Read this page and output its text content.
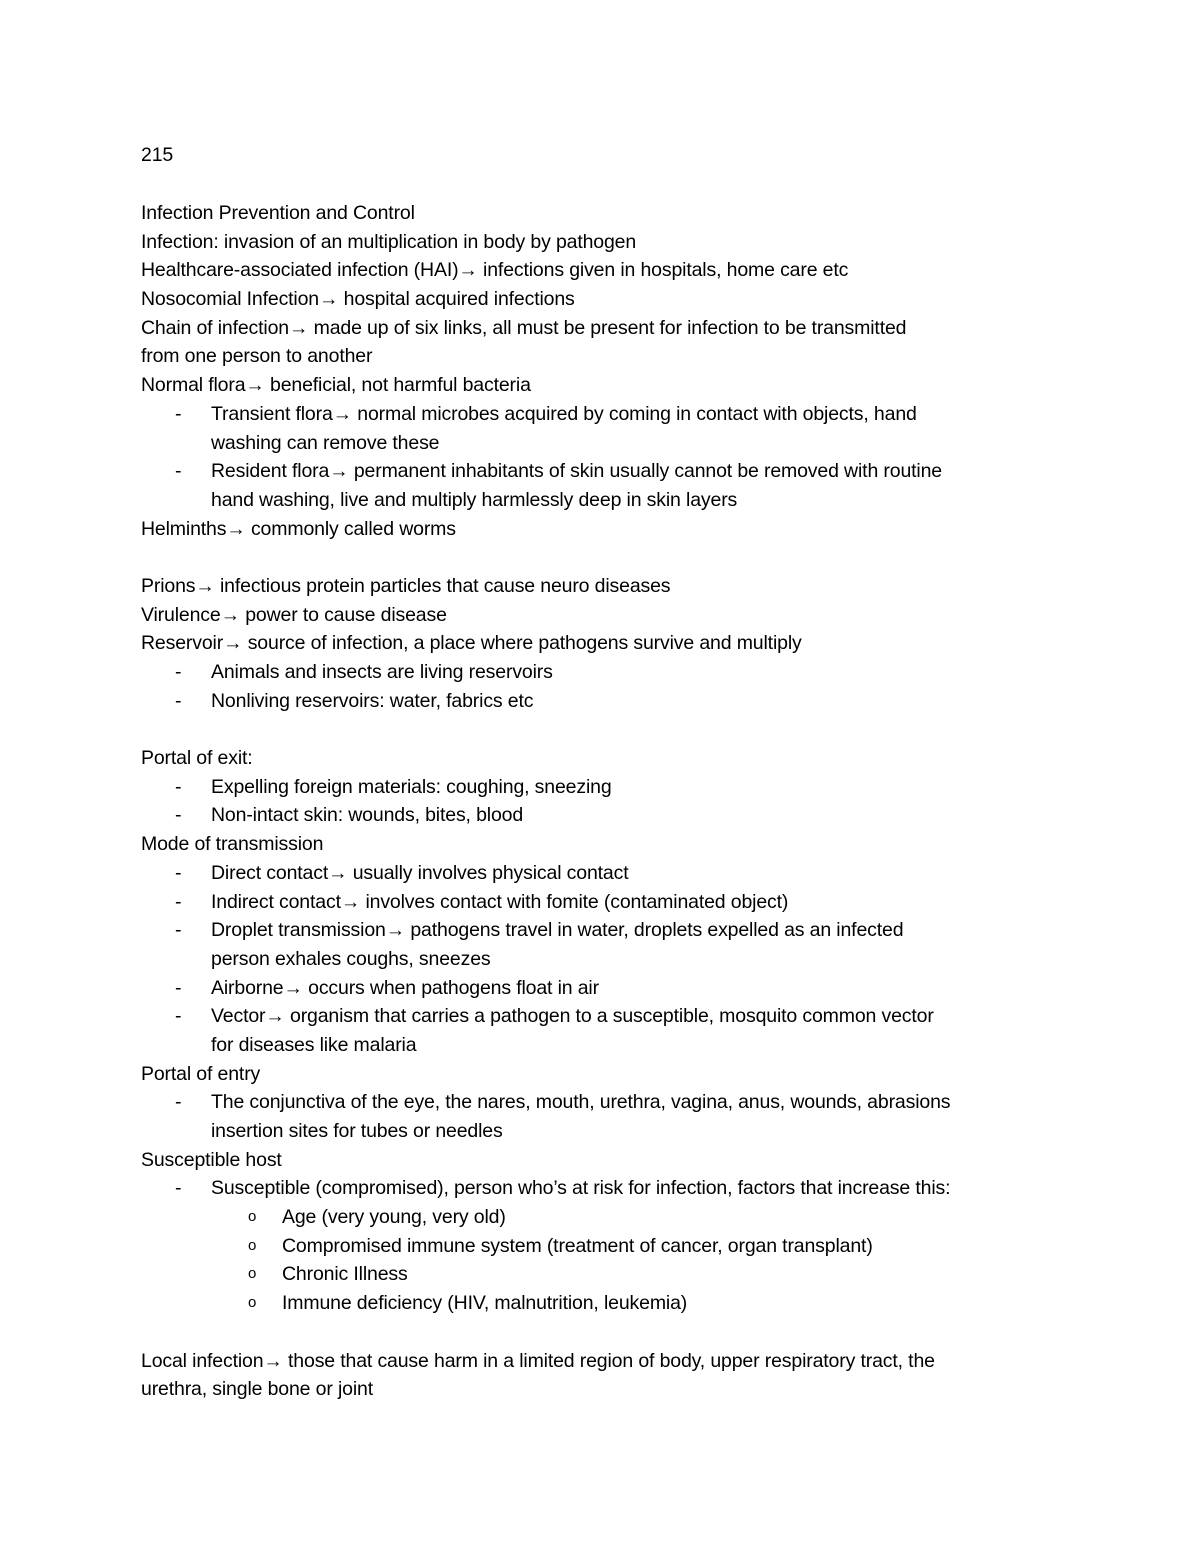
215
Infection Prevention and Control
Infection: invasion of an multiplication in body by pathogen
Healthcare-associated infection (HAI)→ infections given in hospitals, home care etc
Nosocomial Infection→ hospital acquired infections
Chain of infection→ made up of six links, all must be present for infection to be transmitted
from one person to another
Normal flora→ beneficial, not harmful bacteria
- Transient flora→ normal microbes acquired by coming in contact with objects, hand
washing can remove these
- Resident flora→ permanent inhabitants of skin usually cannot be removed with routine
hand washing, live and multiply harmlessly deep in skin layers
Helminths→ commonly called worms
Prions→ infectious protein particles that cause neuro diseases
Virulence→ power to cause disease
Reservoir→ source of infection, a place where pathogens survive and multiply
- Animals and insects are living reservoirs
- Nonliving reservoirs: water, fabrics etc
Portal of exit:
- Expelling foreign materials: coughing, sneezing
- Non-intact skin: wounds, bites, blood
Mode of transmission
- Direct contact→ usually involves physical contact
- Indirect contact→ involves contact with fomite (contaminated object)
- Droplet transmission→ pathogens travel in water, droplets expelled as an infected
person exhales coughs, sneezes
- Airborne→ occurs when pathogens float in air
- Vector→ organism that carries a pathogen to a susceptible, mosquito common vector
for diseases like malaria
Portal of entry
- The conjunctiva of the eye, the nares, mouth, urethra, vagina, anus, wounds, abrasions
insertion sites for tubes or needles
Susceptible host
- Susceptible (compromised), person who’s at risk for infection, factors that increase this:
o Age (very young, very old)
o Compromised immune system (treatment of cancer, organ transplant)
o Chronic Illness
o Immune deficiency (HIV, malnutrition, leukemia)
Local infection→ those that cause harm in a limited region of body, upper respiratory tract, the
urethra, single bone or joint
